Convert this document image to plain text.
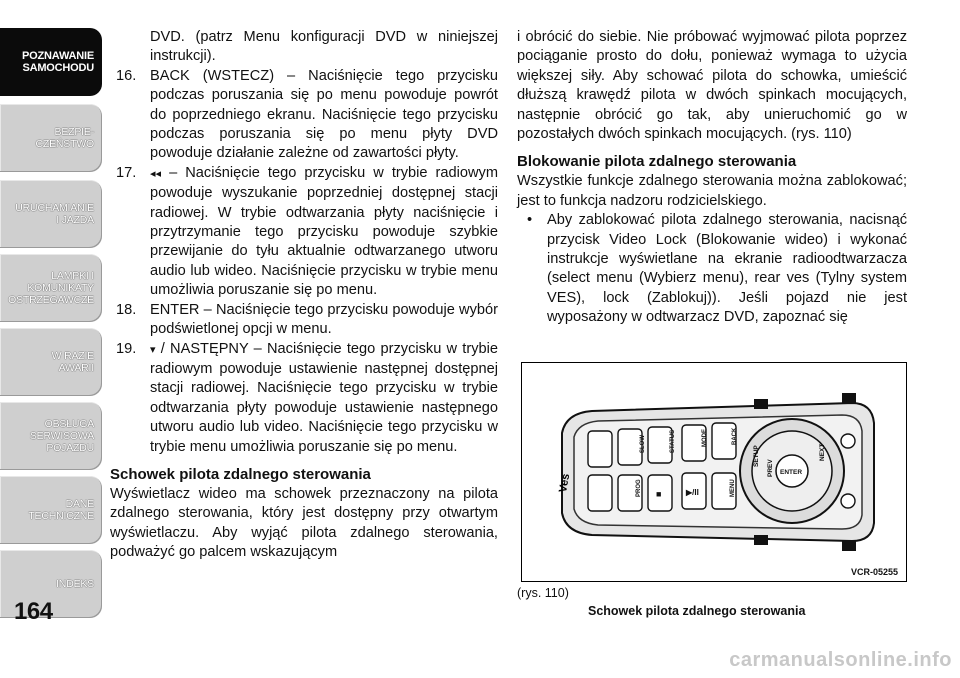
POZNAWANIE
SAMOCHODU
BEZPIE-
CZEŃSTWO
URUCHAMIANIE
I JAZDA
LAMPKI I
KOMUNIKATY
OSTRZEGAWCZE
W RAZIE
AWARII
OBSŁUGA
SERWISOWA
POJAZDU
DANE
TECHNICZNE
INDEKS
164

DVD. (patrz Menu konfiguracji DVD w niniejszej instrukcji).

16. BACK (WSTECZ) – Naciśnięcie tego przycisku podczas poruszania się po menu powoduje powrót do poprzedniego ekranu. Naciśnięcie tego przycisku podczas poruszania się po menu płyty DVD powoduje działanie zależne od zawartości płyty.
17. ◂◂ – Naciśnięcie tego przycisku w trybie radiowym powoduje wyszukanie poprzedniej dostępnej stacji radiowej. W trybie odtwarzania płyty naciśnięcie i przytrzymanie tego przycisku powoduje szybkie przewijanie do tyłu aktualnie odtwarzanego utworu audio lub wideo. Naciśnięcie przycisku w trybie menu umożliwia poruszanie się po menu.
18. ENTER – Naciśnięcie tego przycisku powoduje wybór podświetlonej opcji w menu.
19. ▾ / NASTĘPNY – Naciśnięcie tego przycisku w trybie radiowym powoduje ustawienie następnej dostępnej stacji radiowej. Naciśnięcie tego przycisku w trybie odtwarzania płyty powoduje ustawienie następnego utworu audio lub video. Naciśnięcie tego przycisku w trybie menu umożliwia poruszanie się po menu.
Schowek pilota zdalnego sterowania

Wyświetlacz wideo ma schowek przeznaczony na pilota zdalnego sterowania, który jest dostępny przy otwartym wyświetlaczu. Aby wyjąć pilota zdalnego sterowania, podważyć go palcem wskazującym

i obrócić do siebie. Nie próbować wyjmować pilota poprzez pociąganie prosto do dołu, ponieważ wymaga to użycia większej siły. Aby schować pilota do schowka, umieścić dłuższą krawędź pilota w dwóch spinkach mocujących, następnie obrócić go tak, aby unieruchomić go w pozostałych dwóch spinkach mocujących. (rys. 110)

Blokowanie pilota zdalnego sterowania

Wszystkie funkcje zdalnego sterowania można zablokować; jest to funkcja nadzoru rodzicielskiego.

• Aby zablokować pilota zdalnego sterowania, nacisnąć przycisk Video Lock (Blokowanie wideo) i wykonać instrukcje wyświetlane na ekranie radioodtwarzacza (select menu (Wybierz menu), rear ves (Tylny system VES), lock (Zablokuj)). Jeśli pojazd nie jest wyposażony w odtwarzacz DVD, zapoznać się
Ves
SLOW	STATUS	MODE	BACK
PROG ■	▶/II	MENU
ENTER
NEXT
PREV
SETUP
VCR-05255
(rys. 110)
Schowek pilota zdalnego sterowania
carmanualsonline.info
